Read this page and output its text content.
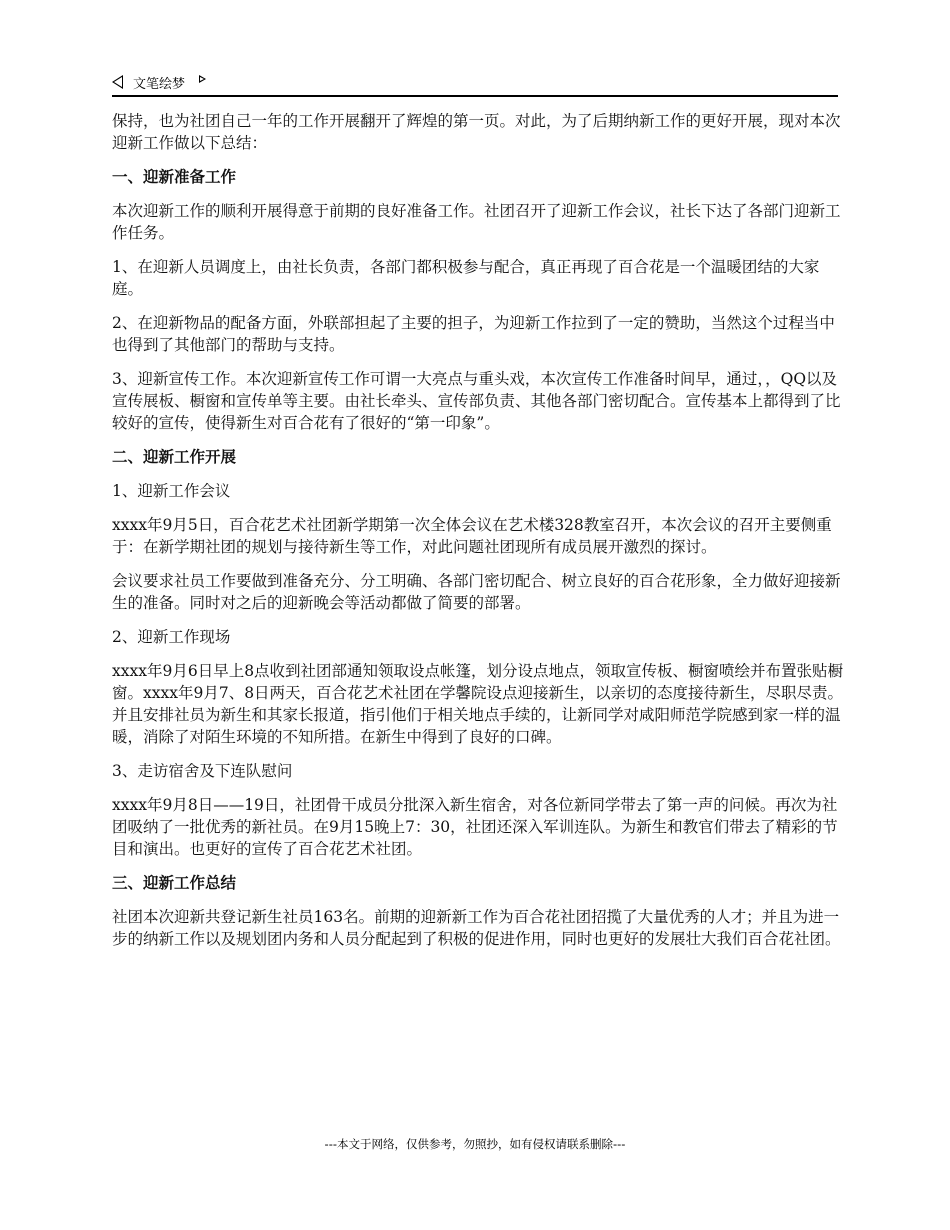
文笔绘梦

保持，也为社团自己一年的工作开展翻开了辉煌的第一页。对此，为了后期纳新工作的更好开展，现对本次迎新工作做以下总结：

一、迎新准备工作

本次迎新工作的顺利开展得意于前期的良好准备工作。社团召开了迎新工作会议，社长下达了各部门迎新工作任务。

1、在迎新人员调度上，由社长负责，各部门都积极参与配合，真正再现了百合花是一个温暖团结的大家庭。

2、在迎新物品的配备方面，外联部担起了主要的担子，为迎新工作拉到了一定的赞助，当然这个过程当中也得到了其他部门的帮助与支持。

3、迎新宣传工作。本次迎新宣传工作可谓一大亮点与重头戏，本次宣传工作准备时间早，通过，，QQ以及宣传展板、橱窗和宣传单等主要。由社长牵头、宣传部负责、其他各部门密切配合。宣传基本上都得到了比较好的宣传，使得新生对百合花有了很好的“第一印象”。

二、迎新工作开展

1、迎新工作会议

xxxx年9月5日，百合花艺术社团新学期第一次全体会议在艺术楼328教室召开，本次会议的召开主要侧重于：在新学期社团的规划与接待新生等工作，对此问题社团现所有成员展开激烈的探讨。

会议要求社员工作要做到准备充分、分工明确、各部门密切配合、树立良好的百合花形象，全力做好迎接新生的准备。同时对之后的迎新晚会等活动都做了简要的部署。

2、迎新工作现场

xxxx年9月6日早上8点收到社团部通知领取设点帐篷，划分设点地点，领取宣传板、橱窗喷绘并布置张贴橱窗。xxxx年9月7、8日两天，百合花艺术社团在学馨院设点迎接新生，以亲切的态度接待新生，尽职尽责。并且安排社员为新生和其家长报道，指引他们于相关地点手续的，让新同学对咸阳师范学院感到家一样的温暖，消除了对陌生环境的不知所措。在新生中得到了良好的口碑。

3、走访宿舍及下连队慰问

xxxx年9月8日——19日，社团骨干成员分批深入新生宿舍，对各位新同学带去了第一声的问候。再次为社团吸纳了一批优秀的新社员。在9月15晚上7：30，社团还深入军训连队。为新生和教官们带去了精彩的节目和演出。也更好的宣传了百合花艺术社团。

三、迎新工作总结

社团本次迎新共登记新生社员163名。前期的迎新新工作为百合花社团招揽了大量优秀的人才；并且为进一步的纳新工作以及规划团内务和人员分配起到了积极的促进作用，同时也更好的发展壮大我们百合花社团。

---本文于网络，仅供参考，勿照抄，如有侵权请联系删除---
